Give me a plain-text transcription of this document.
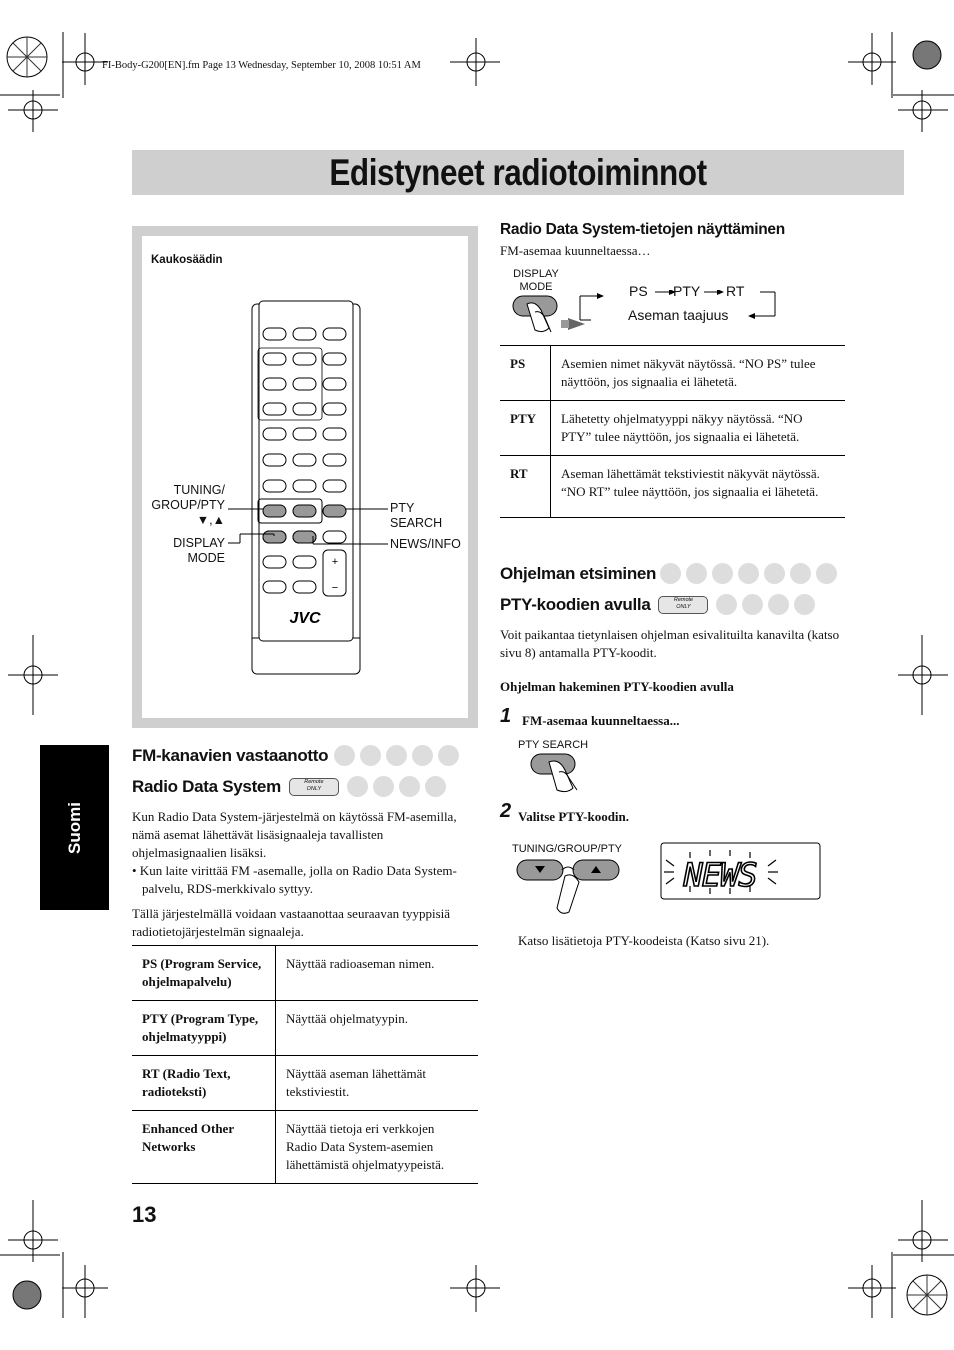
FI-Body-G200[EN].fm Page 13 Wednesday, September 10, 2008 10:51 AM
Edistyneet radiotoiminnot
Suomi
13
Kaukosäädin
+
−
JVC
TUNING/
GROUP/PTY
▼,▲
DISPLAY
MODE
PTY
SEARCH
NEWS/INFO
FM-kanavien vastaanotto
Radio Data System	Remote
ONLY
Kun Radio Data System-järjestelmä on käytössä FM-asemilla, nämä asemat lähettävät lisäsignaaleja tavallisten ohjelmasignaalien lisäksi.
• Kun laite virittää FM -asemalle, jolla on Radio Data System-palvelu, RDS-merkkivalo syttyy.
Tällä järjestelmällä voidaan vastaanottaa seuraavan tyyppisiä radiotietojärjestelmän signaaleja.
PS (Program Service, ohjelmapalvelu)	Näyttää radioaseman nimen.
PTY (Program Type, ohjelmatyyppi)	Näyttää ohjelmatyypin.
RT (Radio Text, radioteksti)	Näyttää aseman lähettämät tekstiviestit.
Enhanced Other Networks	Näyttää tietoja eri verkkojen Radio Data System-asemien lähettämistä ohjelmatyypeistä.
Radio Data System-tietojen näyttäminen
FM-asemaa kuunneltaessa…
DISPLAY
MODE	PS PTY RT
Aseman taajuus
PS	Asemien nimet näkyvät näytössä. “NO PS” tulee näyttöön, jos signaalia ei lähetetä.
PTY	Lähetetty ohjelmatyyppi näkyy näytössä. “NO PTY” tulee näyttöön, jos signaalia ei lähetetä.
RT	Aseman lähettämät tekstiviestit näkyvät näytössä. “NO RT” tulee näyttöön, jos signaalia ei lähetetä.
Ohjelman etsiminen
PTY-koodien avulla	Remote
ONLY
Voit paikantaa tietynlaisen ohjelman esivalituilta kanavilta (katso sivu 8) antamalla PTY-koodit.
Ohjelman hakeminen PTY-koodien avulla
1 FM-asemaa kuunneltaessa...
PTY SEARCH
2 Valitse PTY-koodin.
TUNING/GROUP/PTY
NEWS
Katso lisätietoja PTY-koodeista (Katso sivu 21).
